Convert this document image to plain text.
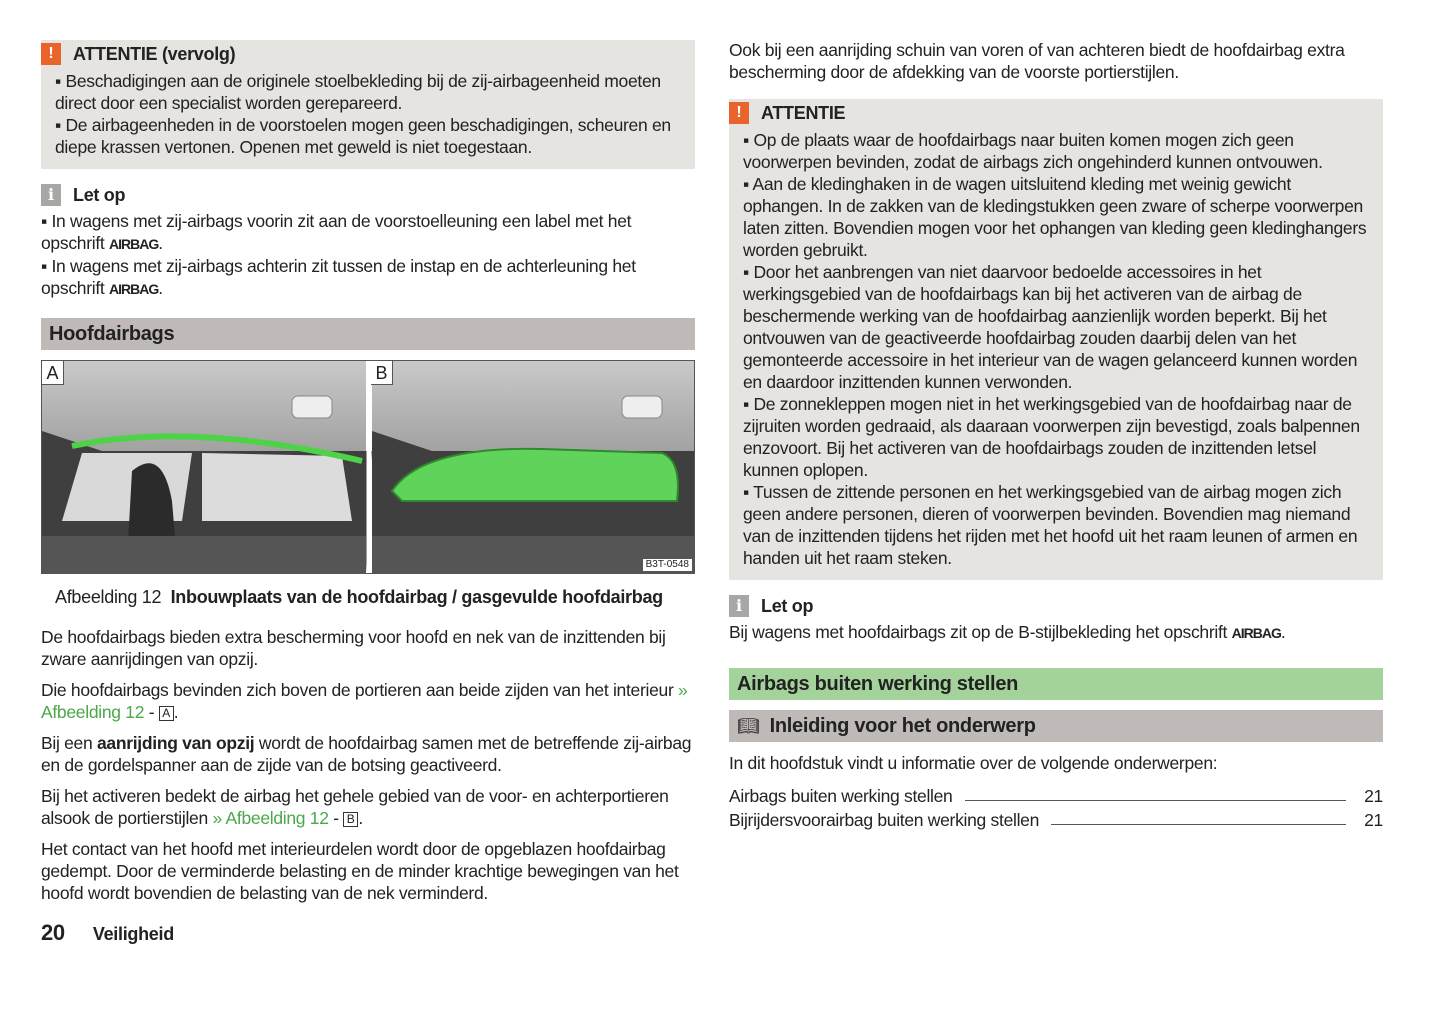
!	ATTENTIE (vervolg)
▪ Beschadigingen aan de originele stoelbekleding bij de zij-airbageenheid moeten direct door een specialist worden gerepareerd.
▪ De airbageenheden in de voorstoelen mogen geen beschadigingen, scheuren en diepe krassen vertonen. Openen met geweld is niet toegestaan.
i	Let op
▪ In wagens met zij-airbags voorin zit aan de voorstoelleuning een label met het opschrift AIRBAG.
▪ In wagens met zij-airbags achterin zit tussen de instap en de achterleuning het opschrift AIRBAG.
Hoofdairbags
A	B
B3T-0548
Afbeelding 12 Inbouwplaats van de hoofdairbag / gasgevulde hoofdairbag

De hoofdairbags bieden extra bescherming voor hoofd en nek van de inzittenden bij zware aanrijdingen van opzij.

Die hoofdairbags bevinden zich boven de portieren aan beide zijden van het interieur » Afbeelding 12 - A .

Bij een aanrijding van opzij wordt de hoofdairbag samen met de betreffende zij-airbag en de gordelspanner aan de zijde van de botsing geactiveerd.

Bij het activeren bedekt de airbag het gehele gebied van de voor- en achterportieren alsook de portierstijlen » Afbeelding 12 - B .

Het contact van het hoofd met interieurdelen wordt door de opgeblazen hoofdairbag gedempt. Door de verminderde belasting en de minder krachtige bewegingen van het hoofd wordt bovendien de belasting van de nek verminderd.

20 Veiligheid

Ook bij een aanrijding schuin van voren of van achteren biedt de hoofdairbag extra bescherming door de afdekking van de voorste portierstijlen.

!	ATTENTIE
▪ Op de plaats waar de hoofdairbags naar buiten komen mogen zich geen voorwerpen bevinden, zodat de airbags zich ongehinderd kunnen ontvouwen.
▪ Aan de kledinghaken in de wagen uitsluitend kleding met weinig gewicht ophangen. In de zakken van de kledingstukken geen zware of scherpe voorwerpen laten zitten. Bovendien mogen voor het ophangen van kleding geen kledinghangers worden gebruikt.
▪ Door het aanbrengen van niet daarvoor bedoelde accessoires in het werkingsgebied van de hoofdairbags kan bij het activeren van de airbag de beschermende werking van de hoofdairbag aanzienlijk worden beperkt. Bij het ontvouwen van de geactiveerde hoofdairbag zouden daarbij delen van het gemonteerde accessoire in het interieur van de wagen gelanceerd kunnen worden en daardoor inzittenden kunnen verwonden.
▪ De zonnekleppen mogen niet in het werkingsgebied van de hoofdairbag naar de zijruiten worden gedraaid, als daaraan voorwerpen zijn bevestigd, zoals balpennen enzovoort. Bij het activeren van de hoofdairbags zouden de inzittenden letsel kunnen oplopen.
▪ Tussen de zittende personen en het werkingsgebied van de airbag mogen zich geen andere personen, dieren of voorwerpen bevinden. Bovendien mag niemand van de inzittenden tijdens het rijden met het hoofd uit het raam leunen of armen en handen uit het raam steken.
i	Let op
Bij wagens met hoofdairbags zit op de B-stijlbekleding het opschrift AIRBAG.
Airbags buiten werking stellen
📖︎ Inleiding voor het onderwerp

In dit hoofdstuk vindt u informatie over de volgende onderwerpen:

Airbags buiten werking stellen	21
Bijrijdersvoorairbag buiten werking stellen	21
